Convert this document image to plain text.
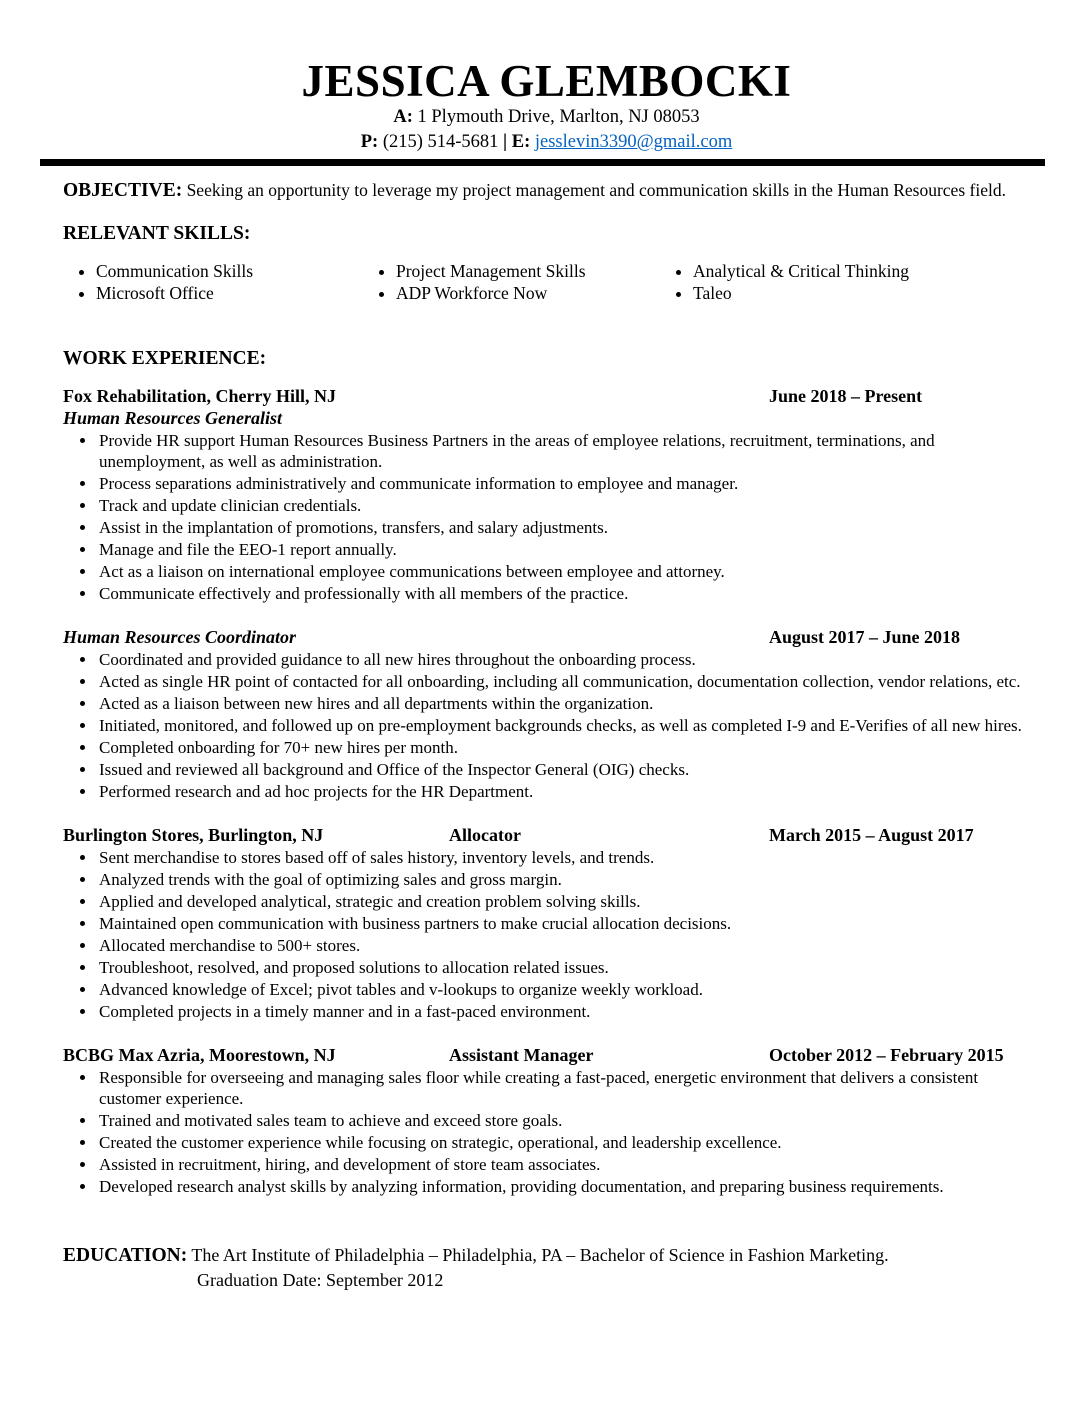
JESSICA GLEMBOCKI
A: 1 Plymouth Drive, Marlton, NJ 08053
P: (215) 514-5681 | E: jesslevin3390@gmail.com

OBJECTIVE: Seeking an opportunity to leverage my project management and communication skills in the Human Resources field.

RELEVANT SKILLS:
• Communication Skills
• Microsoft Office
• Project Management Skills
• ADP Workforce Now
• Analytical & Critical Thinking
• Taleo
WORK EXPERIENCE:
Fox Rehabilitation, Cherry Hill, NJ	June 2018 – Present
Human Resources Generalist
• Provide HR support Human Resources Business Partners in the areas of employee relations, recruitment, terminations, and unemployment, as well as administration.
• Process separations administratively and communicate information to employee and manager.
• Track and update clinician credentials.
• Assist in the implantation of promotions, transfers, and salary adjustments.
• Manage and file the EEO-1 report annually.
• Act as a liaison on international employee communications between employee and attorney.
• Communicate effectively and professionally with all members of the practice.
Human Resources Coordinator	August 2017 – June 2018
• Coordinated and provided guidance to all new hires throughout the onboarding process.
• Acted as single HR point of contacted for all onboarding, including all communication, documentation collection, vendor relations, etc.
• Acted as a liaison between new hires and all departments within the organization.
• Initiated, monitored, and followed up on pre-employment backgrounds checks, as well as completed I-9 and E-Verifies of all new hires.
• Completed onboarding for 70+ new hires per month.
• Issued and reviewed all background and Office of the Inspector General (OIG) checks.
• Performed research and ad hoc projects for the HR Department.
Burlington Stores, Burlington, NJ	Allocator	March 2015 – August 2017
• Sent merchandise to stores based off of sales history, inventory levels, and trends.
• Analyzed trends with the goal of optimizing sales and gross margin.
• Applied and developed analytical, strategic and creation problem solving skills.
• Maintained open communication with business partners to make crucial allocation decisions.
• Allocated merchandise to 500+ stores.
• Troubleshoot, resolved, and proposed solutions to allocation related issues.
• Advanced knowledge of Excel; pivot tables and v-lookups to organize weekly workload.
• Completed projects in a timely manner and in a fast-paced environment.
BCBG Max Azria, Moorestown, NJ	Assistant Manager	October 2012 – February 2015
• Responsible for overseeing and managing sales floor while creating a fast-paced, energetic environment that delivers a consistent customer experience.
• Trained and motivated sales team to achieve and exceed store goals.
• Created the customer experience while focusing on strategic, operational, and leadership excellence.
• Assisted in recruitment, hiring, and development of store team associates.
• Developed research analyst skills by analyzing information, providing documentation, and preparing business requirements.
EDUCATION: The Art Institute of Philadelphia – Philadelphia, PA – Bachelor of Science in Fashion Marketing.
Graduation Date: September 2012
